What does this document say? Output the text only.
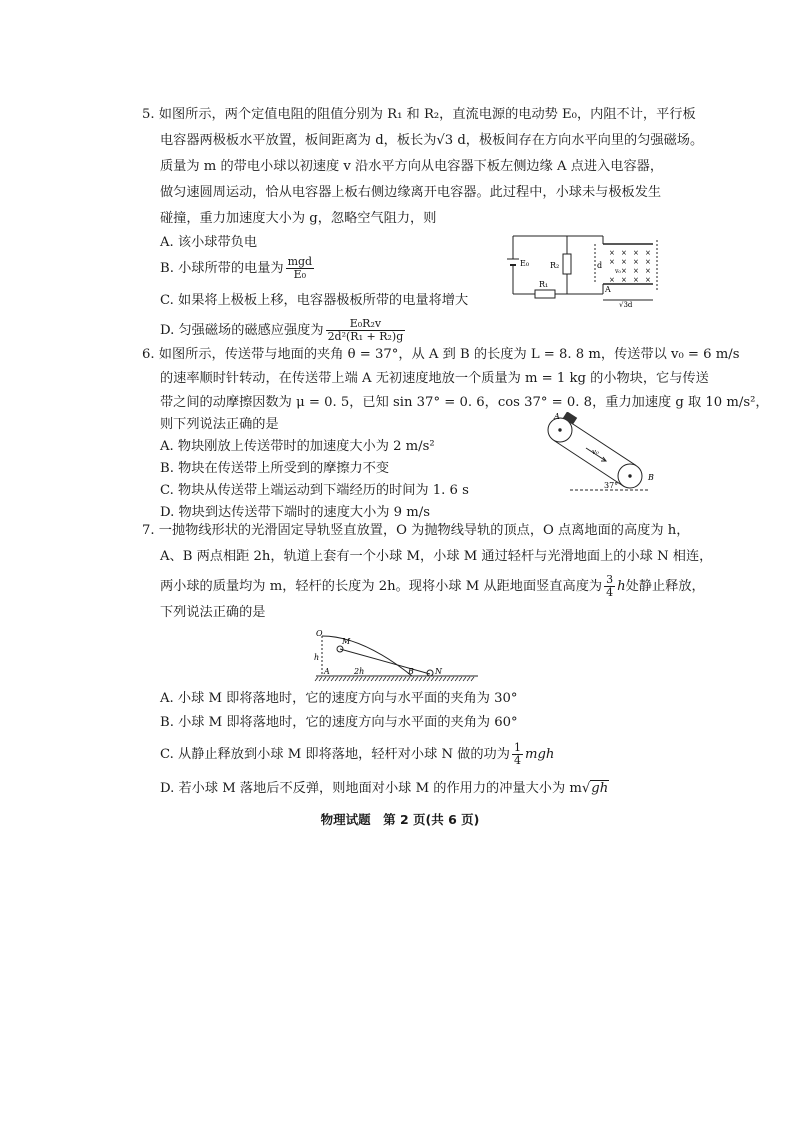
5. 如图所示，两个定值电阻的阻值分别为 R₁ 和 R₂，直流电源的电动势 E₀，内阻不计，平行板
电容器两极板水平放置，板间距离为 d，板长为√3 d，极板间存在方向水平向里的匀强磁场。
质量为 m 的带电小球以初速度 v 沿水平方向从电容器下板左侧边缘 A 点进入电容器，
做匀速圆周运动，恰从电容器上板右侧边缘离开电容器。此过程中，小球未与极板发生
碰撞，重力加速度大小为 g，忽略空气阻力，则
A. 该小球带负电
B. 小球所带的电量为 $\frac{\text{mgd}}{\text{E₀}}$
C. 如果将上极板上移，电容器极板所带的电量将增大
D. 匀强磁场的磁感应强度为 $\frac{\text{E₀R₂v}}{\text{2d²(R₁ + R₂)g}}$
E₀	R₂
R₁
d
A
v₀
√3d
× × × ×
× × × ×
× × ×
× × × ×
6. 如图所示，传送带与地面的夹角 θ = 37°，从 A 到 B 的长度为 L = 8. 8 m，传送带以 v₀ = 6 m/s
的速率顺时针转动，在传送带上端 A 无初速度地放一个质量为 m = 1 kg 的小物块，它与传送
带之间的动摩擦因数为 μ = 0. 5，已知 sin 37° = 0. 6，cos 37° = 0. 8，重力加速度 g 取 10 m/s²，
则下列说法正确的是
A. 物块刚放上传送带时的加速度大小为 2 m/s²
B. 物块在传送带上所受到的摩擦力不变
C. 物块从传送带上端运动到下端经历的时间为 1. 6 s
D. 物块到达传送带下端时的速度大小为 9 m/s
A
B
v₀
37°
7. 一抛物线形状的光滑固定导轨竖直放置，O 为抛物线导轨的顶点，O 点离地面的高度为 h，
A、B 两点相距 2h，轨道上套有一个小球 M，小球 M 通过轻杆与光滑地面上的小球 N 相连，
两小球的质量均为 m，轻杆的长度为 2h。现将小球 M 从距地面竖直高度为 $\frac{3}{4}$ h处静止释放，
下列说法正确的是
O
M
h
A	2h	B	N
A. 小球 M 即将落地时，它的速度方向与水平面的夹角为 30°
B. 小球 M 即将落地时，它的速度方向与水平面的夹角为 60°
C. 从静止释放到小球 M 即将落地，轻杆对小球 N 做的功为 $\frac{1}{4}$ mgh
D. 若小球 M 落地后不反弹，则地面对小球 M 的作用力的冲量大小为 m√gh
物理试题　第 2 页(共 6 页)
